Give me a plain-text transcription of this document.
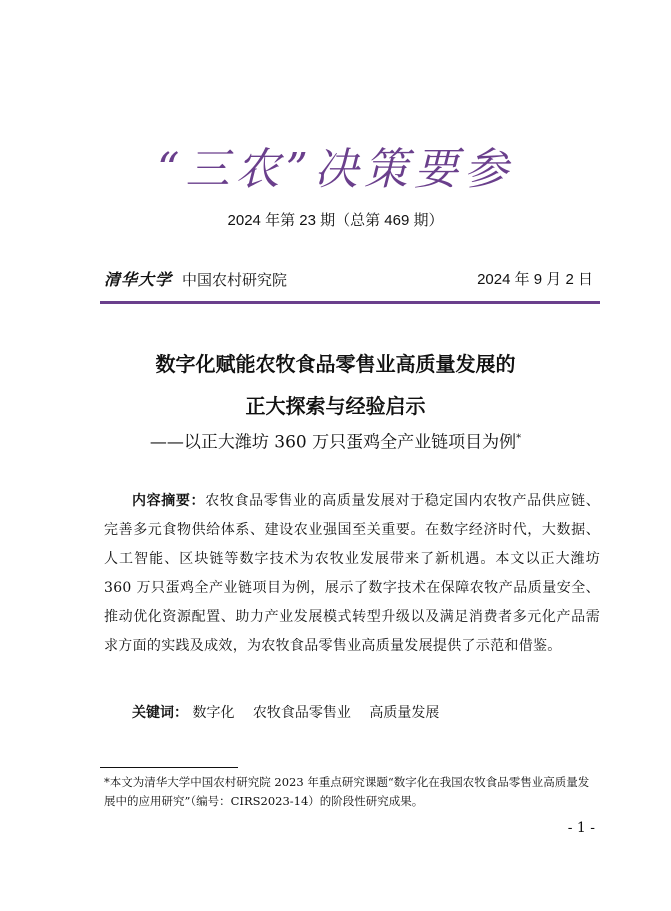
“三农”决策要参
2024 年第 23 期（总第 469 期）
清华大学 中国农村研究院	2024 年 9 月 2 日
数字化赋能农牧食品零售业高质量发展的
正大探索与经验启示
——以正大潍坊 360 万只蛋鸡全产业链项目为例*
内容摘要：农牧食品零售业的高质量发展对于稳定国内农牧产品供应链、完善多元食物供给体系、建设农业强国至关重要。在数字经济时代，大数据、人工智能、区块链等数字技术为农牧业发展带来了新机遇。本文以正大潍坊 360 万只蛋鸡全产业链项目为例，展示了数字技术在保障农牧产品质量安全、推动优化资源配置、助力产业发展模式转型升级以及满足消费者多元化产品需求方面的实践及成效，为农牧食品零售业高质量发展提供了示范和借鉴。
关键词： 数字化 农牧食品零售业 高质量发展
*本文为清华大学中国农村研究院 2023 年重点研究课题“数字化在我国农牧食品零售业高质量发展中的应用研究”（编号：CIRS2023-14）的阶段性研究成果。
- 1 -
